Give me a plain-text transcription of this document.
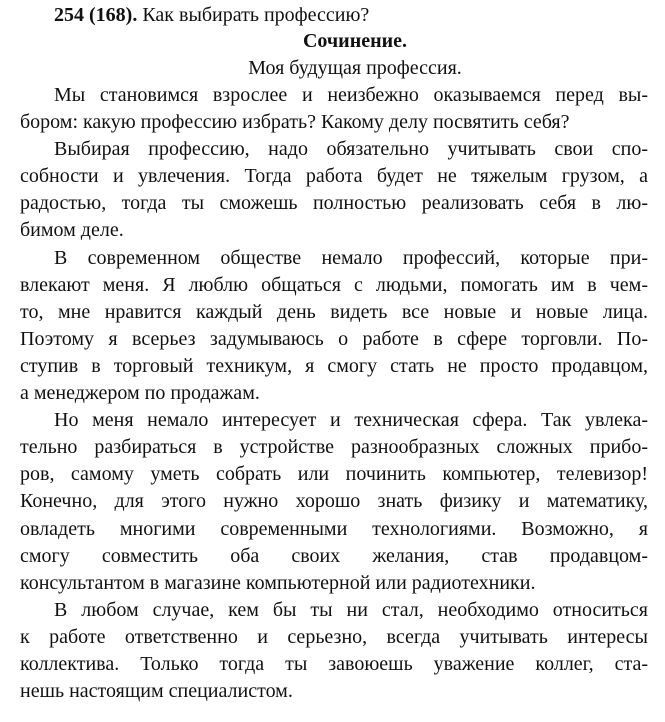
254 (168). Как выбирать профессию?
Сочинение.
Моя будущая профессия.

Мы становимся взрослее и неизбежно оказываемся перед вы-
бором: какую профессию избрать? Какому делу посвятить себя?

Выбирая профессию, надо обязательно учитывать свои спо-
собности и увлечения. Тогда работа будет не тяжелым грузом, а
радостью, тогда ты сможешь полностью реализовать себя в лю-
бимом деле.

В современном обществе немало профессий, которые при-
влекают меня. Я люблю общаться с людьми, помогать им в чем-
то, мне нравится каждый день видеть все новые и новые лица.
Поэтому я всерьез задумываюсь о работе в сфере торговли. По-
ступив в торговый техникум, я смогу стать не просто продавцом,
а менеджером по продажам.

Но меня немало интересует и техническая сфера. Так увлека-
тельно разбираться в устройстве разнообразных сложных прибо-
ров, самому уметь собрать или починить компьютер, телевизор!
Конечно, для этого нужно хорошо знать физику и математику,
овладеть многими современными технологиями. Возможно, я
смогу совместить оба своих желания, став продавцом-
консультантом в магазине компьютерной или радиотехники.

В любом случае, кем бы ты ни стал, необходимо относиться
к работе ответственно и серьезно, всегда учитывать интересы
коллектива. Только тогда ты завоюешь уважение коллег, ста-
нешь настоящим специалистом.
